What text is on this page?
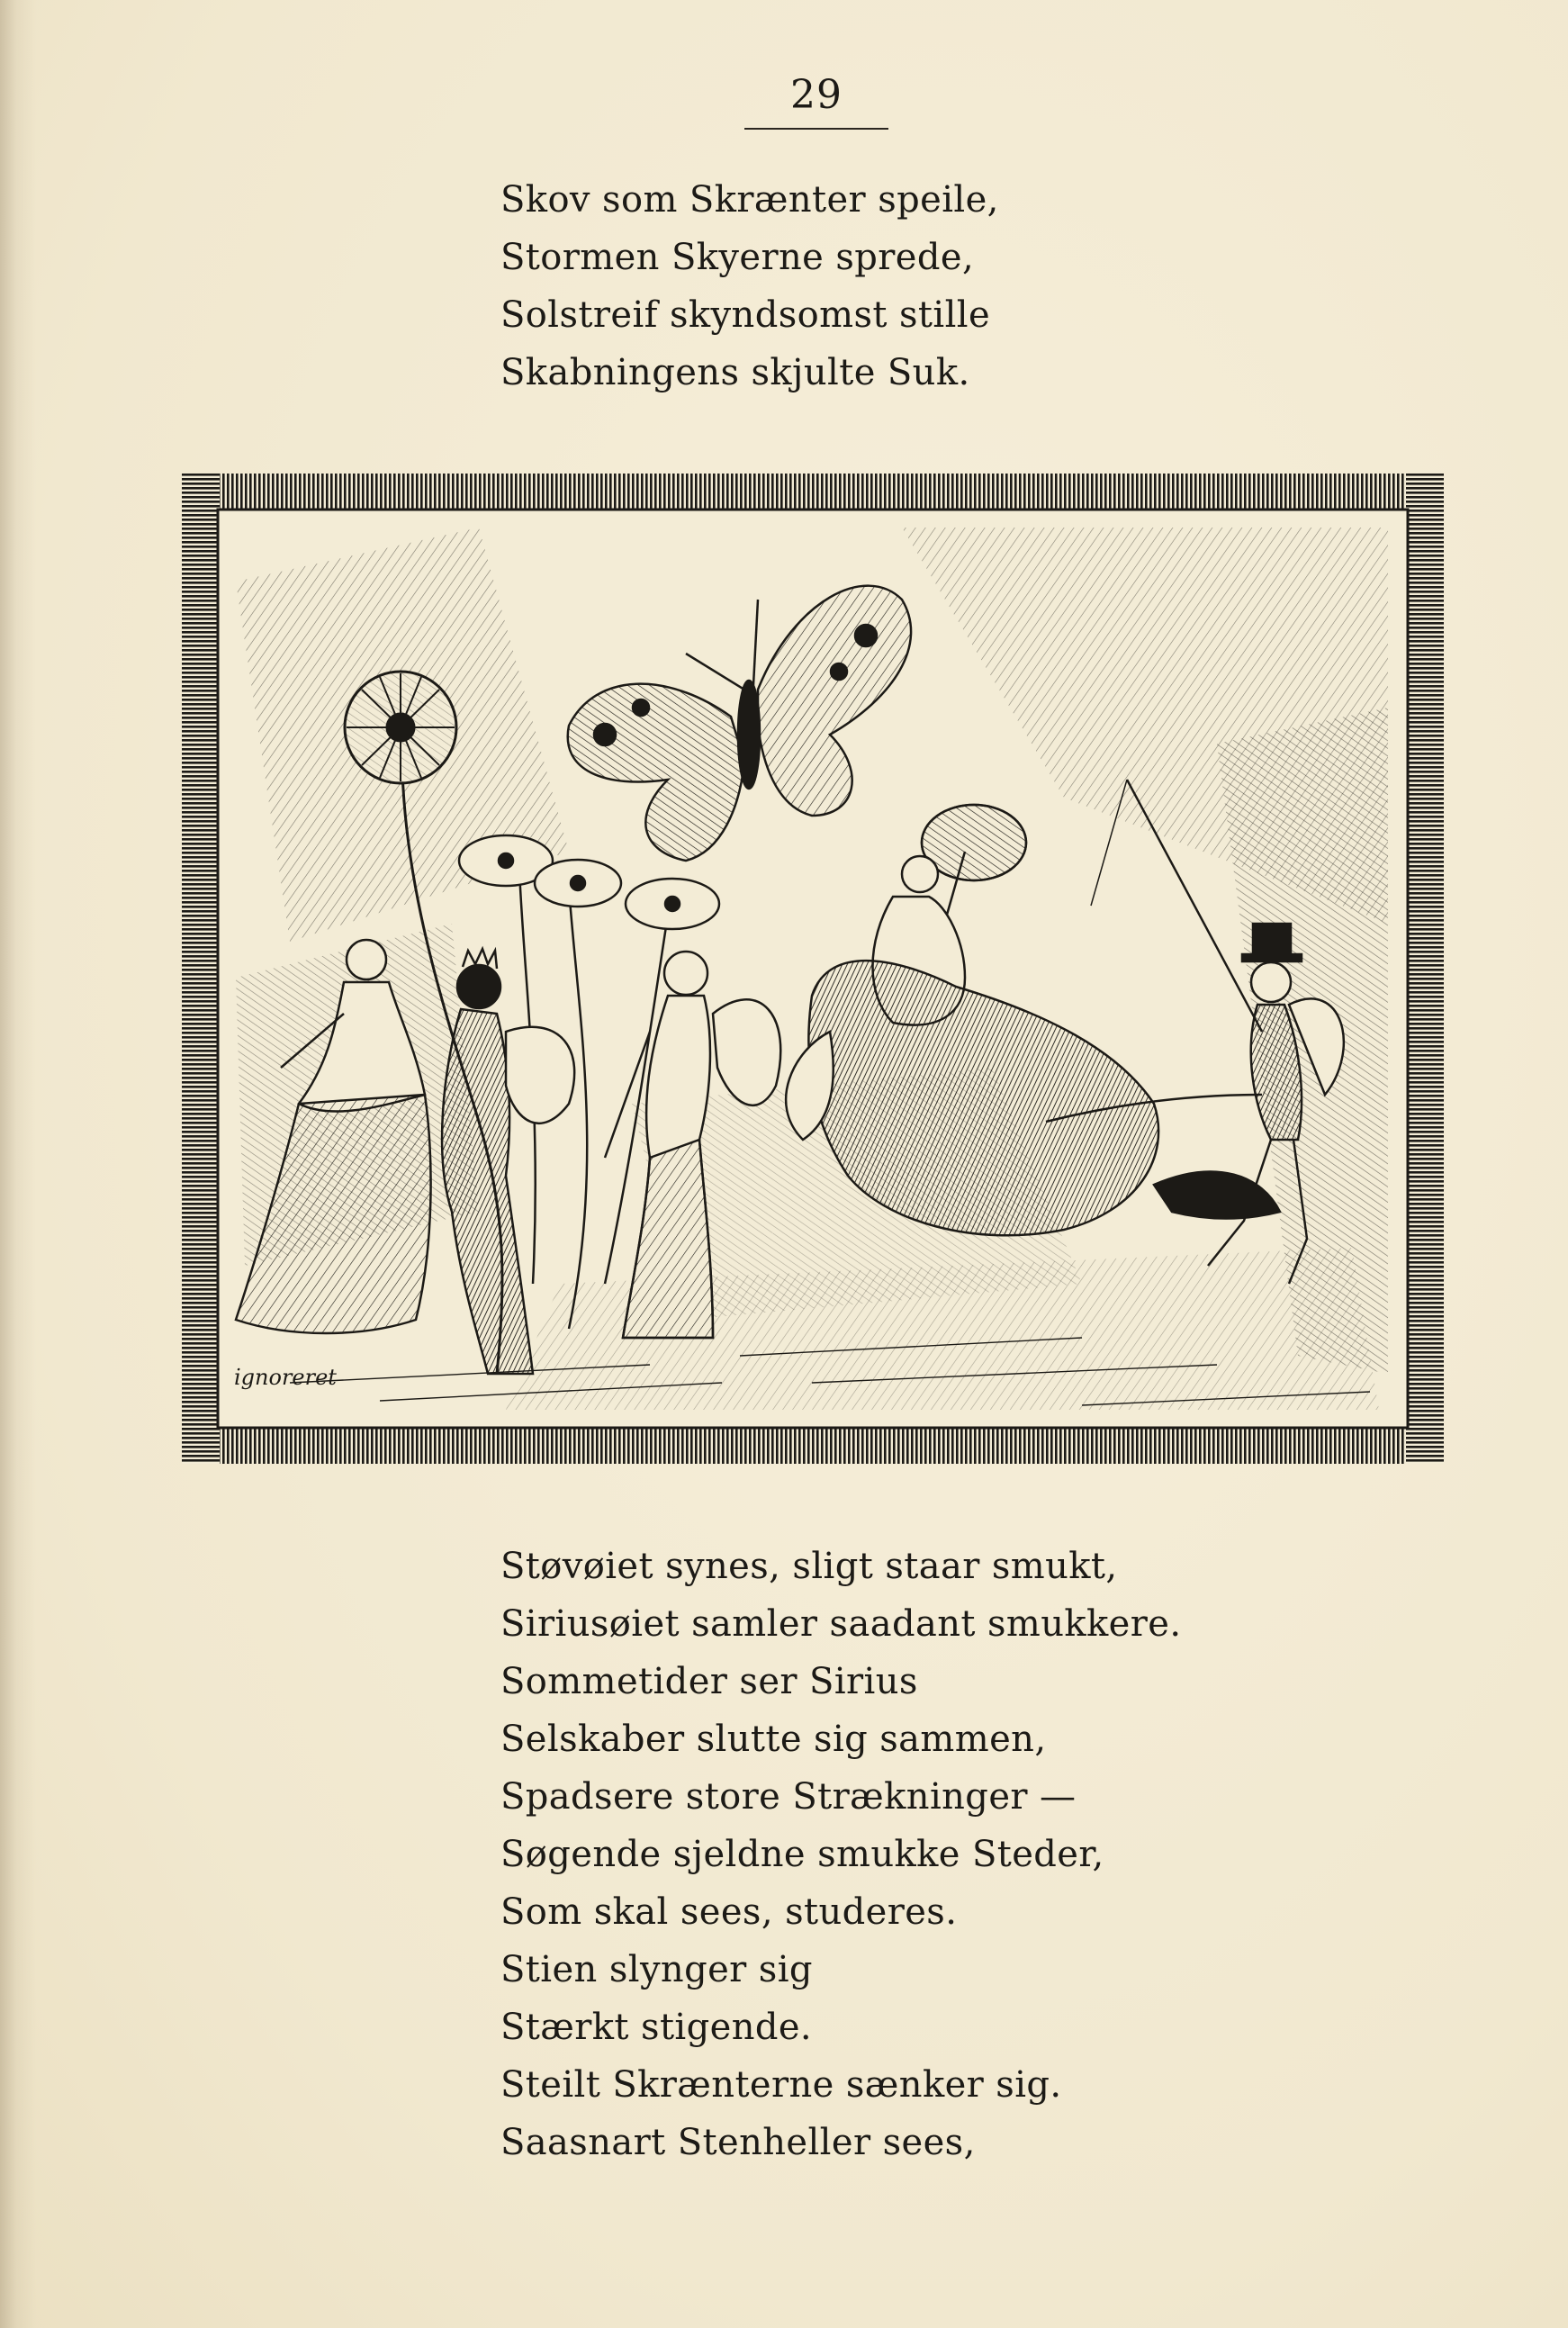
29
Skov som Skrænter speile,
Stormen Skyerne sprede,
Solstreif skyndsomst stille
Skabningens skjulte Suk.
ignoreret
Støvøiet synes, sligt staar smukt,
Siriusøiet samler saadant smukkere.
Sommetider ser Sirius
Selskaber slutte sig sammen,
Spadsere store Strækninger —
Søgende sjeldne smukke Steder,
Som skal sees, studeres.
Stien slynger sig
Stærkt stigende.
Steilt Skrænterne sænker sig.
Saasnart Stenheller sees,
